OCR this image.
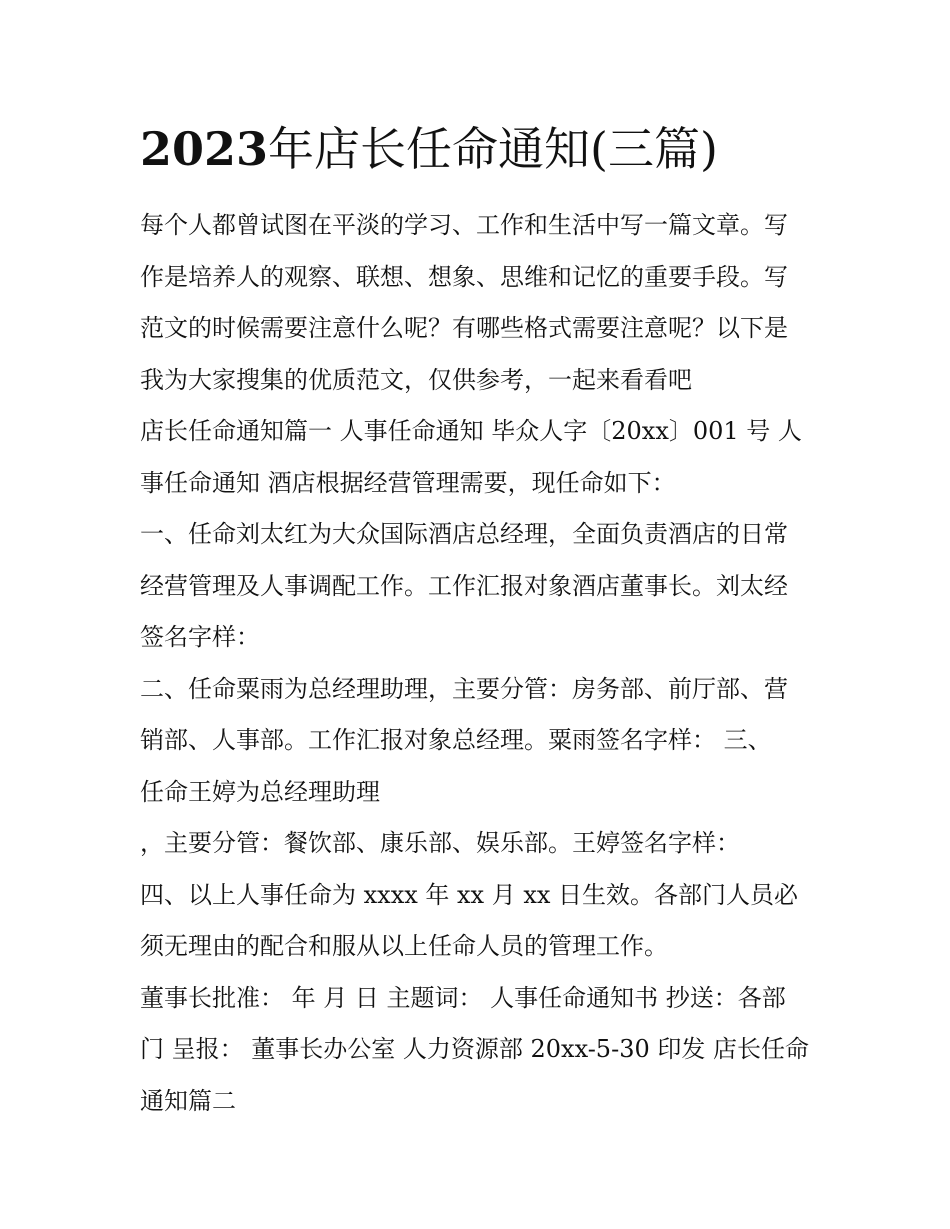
2023年店长任命通知(三篇)
每个人都曾试图在平淡的学习、工作和生活中写一篇文章。写
作是培养人的观察、联想、想象、思维和记忆的重要手段。写
范文的时候需要注意什么呢？有哪些格式需要注意呢？以下是
我为大家搜集的优质范文，仅供参考，一起来看看吧
店长任命通知篇一 人事任命通知 毕众人字〔20xx〕001 号 人
事任命通知 酒店根据经营管理需要，现任命如下：
一、任命刘太红为大众国际酒店总经理，全面负责酒店的日常
经营管理及人事调配工作。工作汇报对象酒店董事长。刘太经
签名字样：
二、任命粟雨为总经理助理，主要分管：房务部、前厅部、营
销部、人事部。工作汇报对象总经理。粟雨签名字样： 三、
任命王婷为总经理助理
，主要分管：餐饮部、康乐部、娱乐部。王婷签名字样：
四、以上人事任命为 xxxx 年 xx 月 xx 日生效。各部门人员必
须无理由的配合和服从以上任命人员的管理工作。
董事长批准： 年 月 日 主题词： 人事任命通知书 抄送：各部
门 呈报： 董事长办公室 人力资源部 20xx-5-30 印发 店长任命
通知篇二
